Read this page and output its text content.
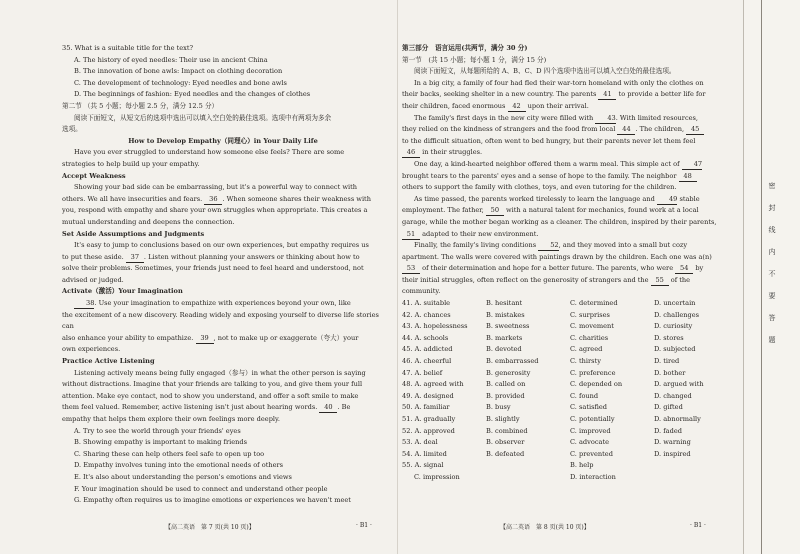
35. What is a suitable title for the text?

A. The history of eyed needles: Their use in ancient China

B. The innovation of bone awls: Impact on clothing decoration

C. The development of technology: Eyed needles and bone awls

D. The beginnings of fashion: Eyed needles and the changes of clothes

第二节 （共 5 小题；每小题 2.5 分，满分 12.5 分）

阅读下面短文，从短文后的选项中选出可以填入空白处的最佳选项。选项中有两项为多余

选项。

How to Develop Empathy（同理心）in Your Daily Life

Have you ever struggled to understand how someone else feels? There are some

strategies to help build up your empathy.

Accept Weakness

Showing your bad side can be embarrassing, but it's a powerful way to connect with

others. We all have insecurities and fears. 36 . When someone shares their weakness with

you, respond with empathy and share your own struggles when appropriate. This creates a

mutual understanding and deepens the connection.

Set Aside Assumptions and Judgments

It's easy to jump to conclusions based on our own experiences, but empathy requires us

to put these aside. 37 . Listen without planning your answers or thinking about how to

solve their problems. Sometimes, your friends just need to feel heard and understood, not

advised or judged.

Activate（激活）Your Imagination

38. Use your imagination to empathize with experiences beyond your own, like

the excitement of a new discovery. Reading widely and exposing yourself to diverse life stories can

also enhance your ability to empathize. 39 , not to make up or exaggerate（夸大）your

own experiences.

Practice Active Listening

Listening actively means being fully engaged（参与）in what the other person is saying

without distractions. Imagine that your friends are talking to you, and give them your full

attention. Make eye contact, nod to show you understand, and offer a soft smile to make

them feel valued. Remember, active listening isn't just about hearing words. 40 . Be

empathy that helps them explore their own feelings more deeply.

A. Try to see the world through your friends' eyes

B. Showing empathy is important to making friends

C. Sharing these can help others feel safe to open up too

D. Empathy involves tuning into the emotional needs of others

E. It's also about understanding the person's emotions and views

F. Your imagination should be used to connect and understand other people

G. Empathy often requires us to imagine emotions or experiences we haven't meet

【高二英语　第 7 页(共 10 页)】	· B1 ·

第三部分　语言运用(共两节，满分 30 分)

第一节　(共 15 小题；每小题 1 分，满分 15 分)

阅读下面短文，从每题所给的 A、B、C、D 四个选项中选出可以填入空白处的最佳选项。

In a big city, a family of four had fled their war-torn homeland with only the clothes on

their backs, seeking shelter in a new country. The parents 41 to provide a better life for

their children, faced enormous 42 upon their arrival.

The family's first days in the new city were filled with 43. With limited resources,

they relied on the kindness of strangers and the food from local 44 . The children, 45

to the difficult situation, often went to bed hungry, but their parents never let them feel

46 in their struggles.

One day, a kind-hearted neighbor offered them a warm meal. This simple act of 47

brought tears to the parents' eyes and a sense of hope to the family. The neighbor 48

others to support the family with clothes, toys, and even tutoring for the children.

As time passed, the parents worked tirelessly to learn the language and 49 stable

employment. The father, 50 with a natural talent for mechanics, found work at a local

garage, while the mother began working as a cleaner. The children, inspired by their parents,

51 adapted to their new environment.

Finally, the family's living conditions 52, and they moved into a small but cozy

apartment. The walls were covered with paintings drawn by the children. Each one was a(n)

53 of their determination and hope for a better future. The parents, who were 54 by

their initial struggles, often reflect on the generosity of strangers and the 55 of the

community.

41. A. suitable	B. hesitant	C. determined	D. uncertain
42. A. chances	B. mistakes	C. surprises	D. challenges
43. A. hopelessness	B. sweetness	C. movement	D. curiosity
44. A. schools	B. markets	C. charities	D. stores
45. A. addicted	B. devoted	C. agreed	D. subjected
46. A. cheerful	B. embarrassed	C. thirsty	D. tired
47. A. belief	B. generosity	C. preference	D. bother
48. A. agreed with	B. called on	C. depended on	D. argued with
49. A. designed	B. provided	C. found	D. changed
50. A. familiar	B. busy	C. satisfied	D. gifted
51. A. gradually	B. slightly	C. potentially	D. abnormally
52. A. approved	B. combined	C. improved	D. faded
53. A. deal	B. observer	C. advocate	D. warning
54. A. limited	B. defeated	C. prevented	D. inspired
55. A. signal	B. help
C. impression	D. interaction
【高二英语　第 8 页(共 10 页)】	· B1 ·
密
封
线
内
不
要
答
题
